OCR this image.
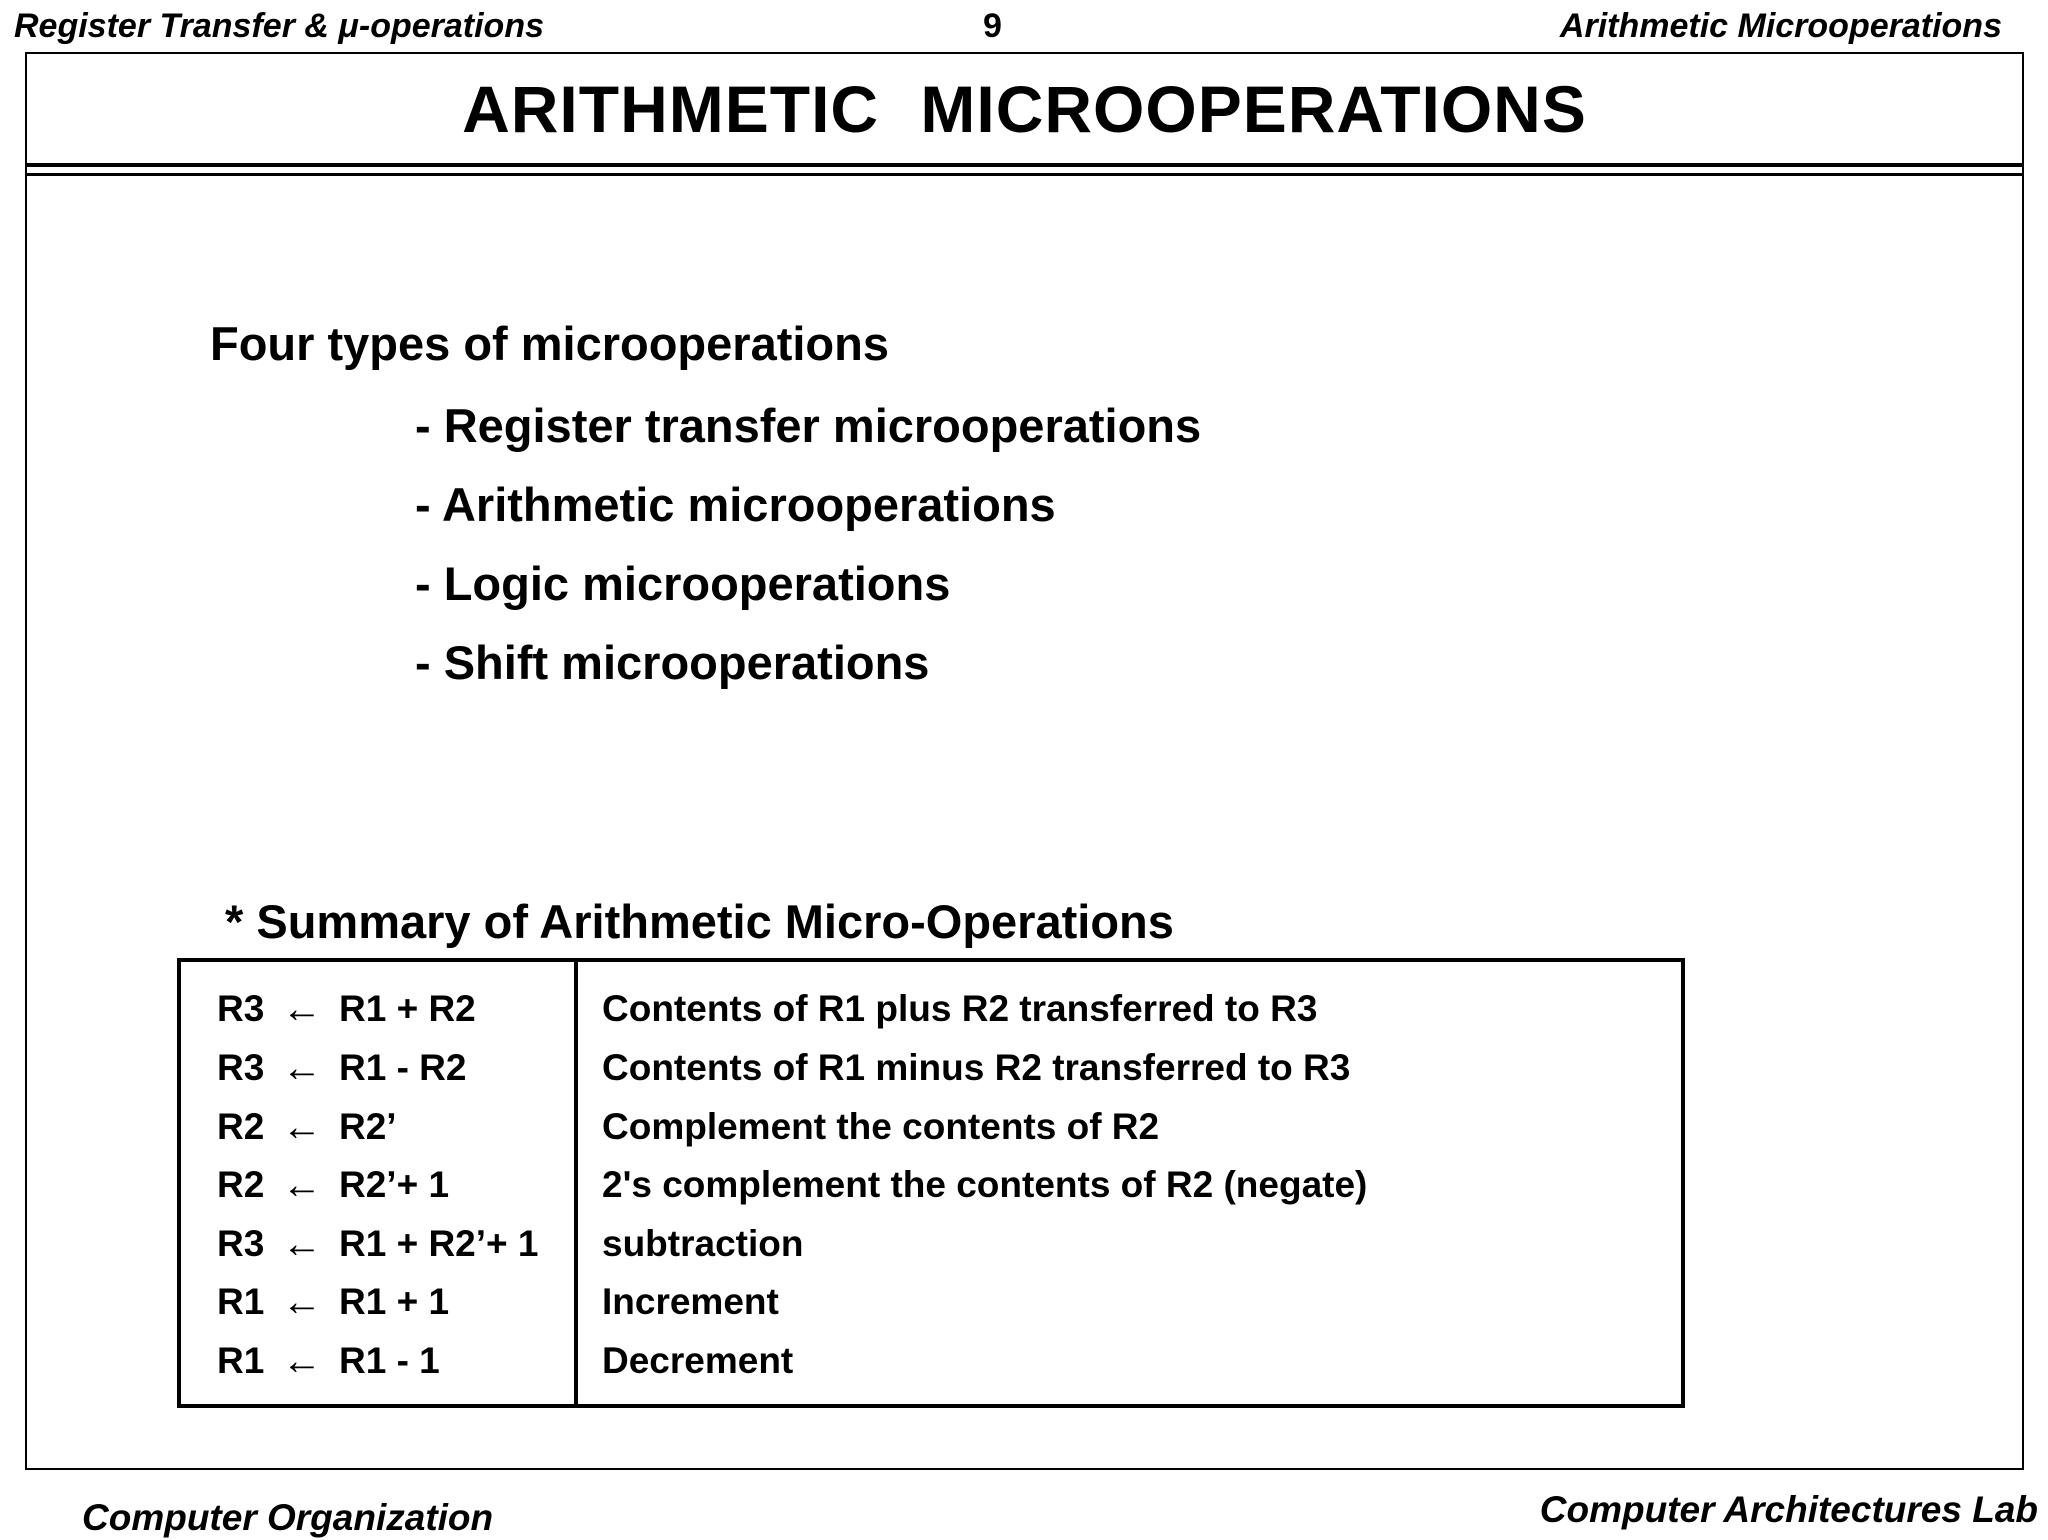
Register Transfer & μ-operations	9	Arithmetic Microoperations
ARITHMETIC MICROOPERATIONS
Four types of microoperations
- Register transfer microoperations
- Arithmetic microoperations
- Logic microoperations
- Shift microoperations
* Summary of Arithmetic Micro-Operations
R3 ← R1 + R2	Contents of R1 plus R2 transferred to R3
R3 ← R1 - R2	Contents of R1 minus R2 transferred to R3
R2 ← R2’	Complement the contents of R2
R2 ← R2’+ 1	2's complement the contents of R2 (negate)
R3 ← R1 + R2’+ 1 subtraction
R1 ← R1 + 1	Increment
R1 ← R1 - 1	Decrement
Computer Organization	Computer Architectures Lab
